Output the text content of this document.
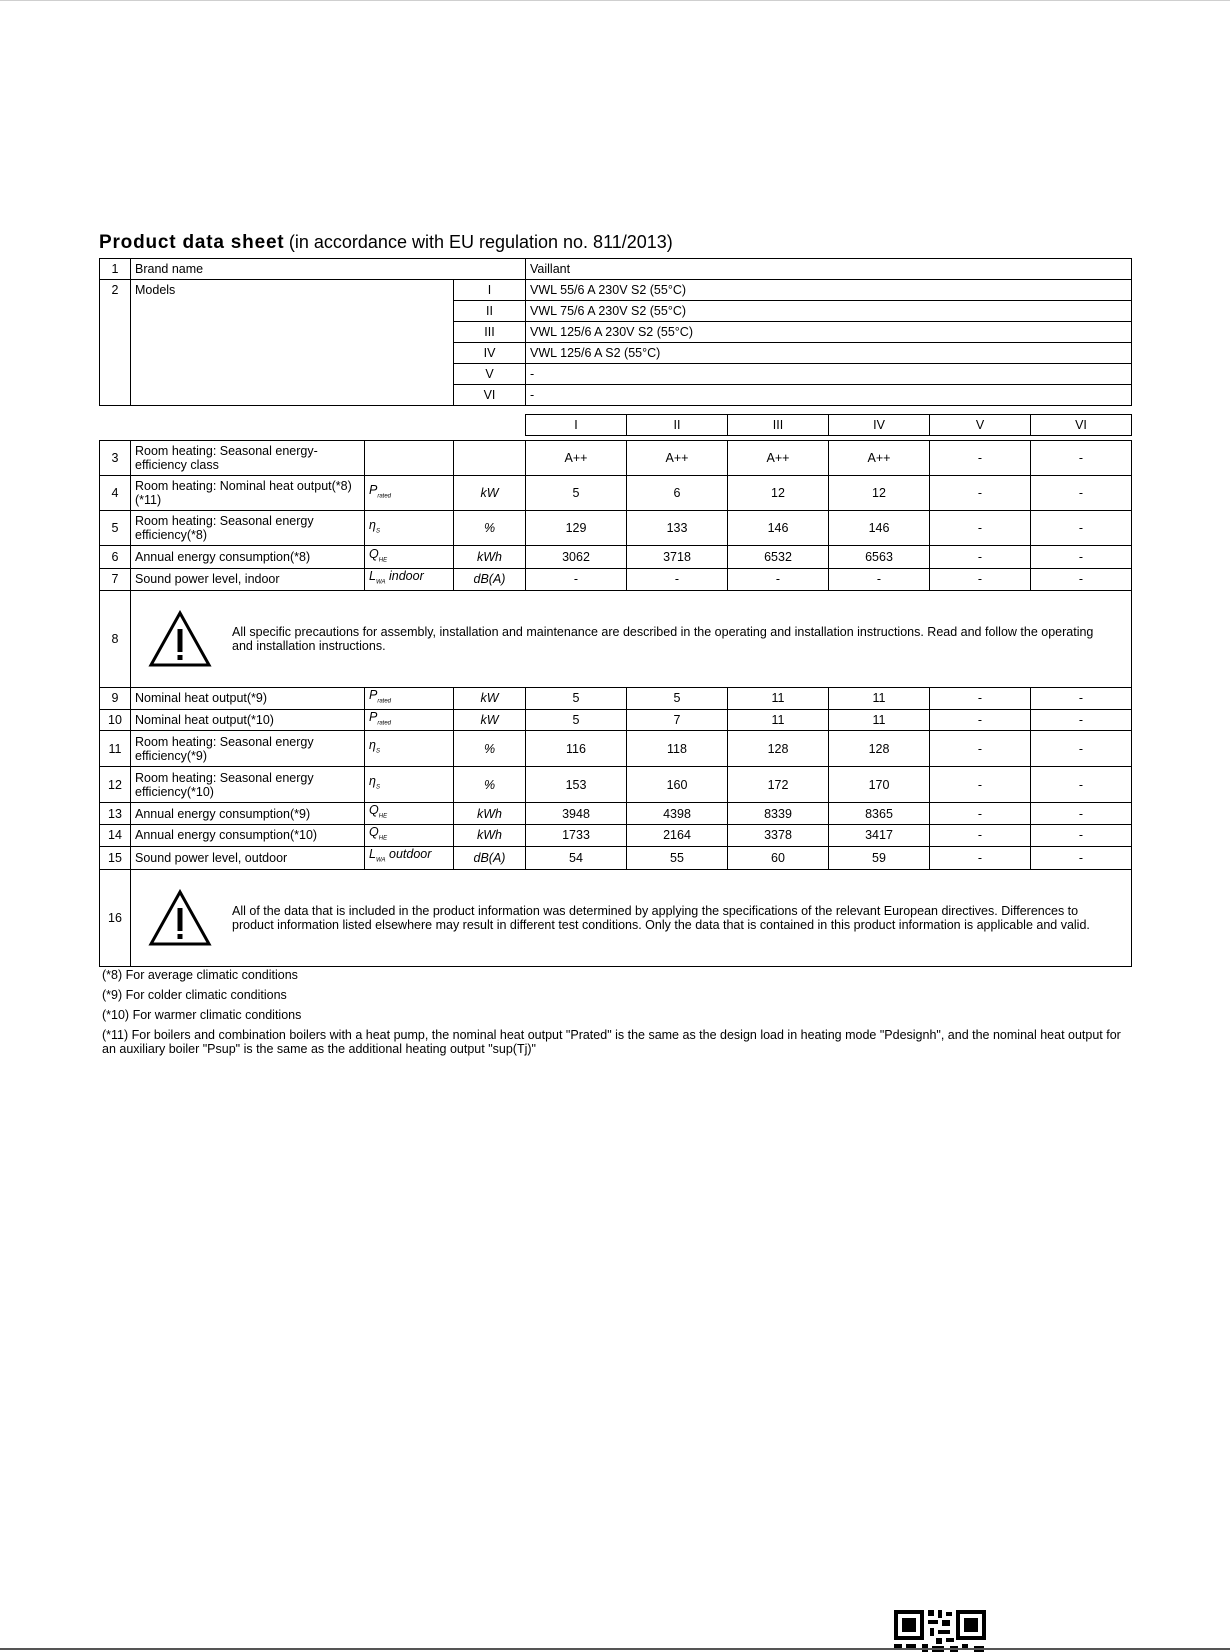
Product data sheet (in accordance with EU regulation no. 811/2013)
1	Brand name		Vaillant
2	Models	I	VWL 55/6 A 230V S2 (55°C)
		II	VWL 75/6 A 230V S2 (55°C)
		III	VWL 125/6 A 230V S2 (55°C)
		IV	VWL 125/6 A S2 (55°C)
		V	-
		VI	-
				I	II	III	IV	V	VI

3	Room heating: Seasonal energy-efficiency class			A++	A++	A++	A++	-	-
4	Room heating: Nominal heat output(*8)(*11)	$P_{rated}$	kW	5	6	12	12	-	-
5	Room heating: Seasonal energy efficiency(*8)	$\eta_S$	%	129	133	146	146	-	-
6	Annual energy consumption(*8)	$Q_{HE}$	kWh	3062	3718	6532	6563	-	-
7	Sound power level, indoor	$L_{WA}$ indoor	dB(A)	-	-	-	-	-	-
8	All specific precautions for assembly, installation and maintenance are described in the operating and installation instructions. Read and follow the operating and installation instructions.								

9	Nominal heat output(*9)	$P_{rated}$	kW	5	5	11	11	-	-
10	Nominal heat output(*10)	$P_{rated}$	kW	5	7	11	11	-	-
11	Room heating: Seasonal energy efficiency(*9)	$\eta_S$	%	116	118	128	128	-	-
12	Room heating: Seasonal energy efficiency(*10)	$\eta_S$	%	153	160	172	170	-	-
13	Annual energy consumption(*9)	$Q_{HE}$	kWh	3948	4398	8339	8365	-	-
14	Annual energy consumption(*10)	$Q_{HE}$	kWh	1733	2164	3378	3417	-	-
15	Sound power level, outdoor	$L_{WA}$ outdoor	dB(A)	54	55	60	59	-	-
16	All of the data that is included in the product information was determined by applying the specifications of the relevant European directives. Differences to product information listed elsewhere may result in different test conditions. Only the data that is contained in this product information is applicable and valid.								
(*8) For average climatic conditions
(*9) For colder climatic conditions
(*10) For warmer climatic conditions
(*11) For boilers and combination boilers with a heat pump, the nominal heat output "Prated" is the same as the design load in heating mode "Pdesignh", and the nominal heat output for an auxiliary boiler "Psup" is the same as the additional heating output "sup(Tj)"
